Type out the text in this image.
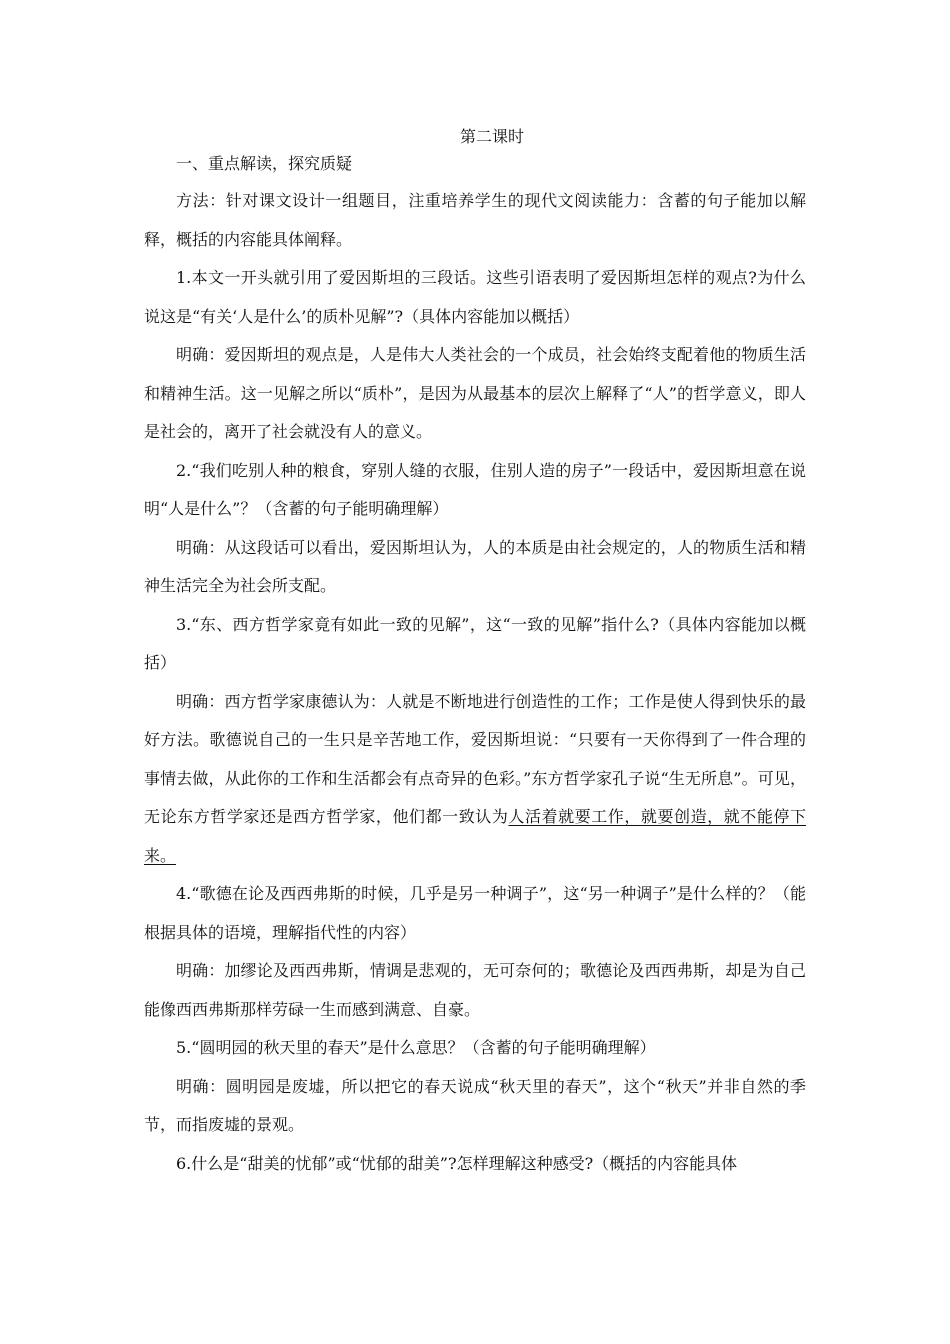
第二课时

一、重点解读，探究质疑

方法：针对课文设计一组题目，注重培养学生的现代文阅读能力：含蓄的句子能加以解释，概括的内容能具体阐释。

1.本文一开头就引用了爱因斯坦的三段话。这些引语表明了爱因斯坦怎样的观点?为什么说这是“有关‘人是什么’的质朴见解”?（具体内容能加以概括）

明确：爱因斯坦的观点是，人是伟大人类社会的一个成员，社会始终支配着他的物质生活和精神生活。这一见解之所以“质朴”，是因为从最基本的层次上解释了“人”的哲学意义，即人是社会的，离开了社会就没有人的意义。

2.“我们吃别人种的粮食，穿别人缝的衣服，住别人造的房子”一段话中，爱因斯坦意在说明“人是什么”？（含蓄的句子能明确理解）

明确：从这段话可以看出，爱因斯坦认为，人的本质是由社会规定的，人的物质生活和精神生活完全为社会所支配。

3.“东、西方哲学家竟有如此一致的见解”，这“一致的见解”指什么?（具体内容能加以概括）

明确：西方哲学家康德认为：人就是不断地进行创造性的工作；工作是使人得到快乐的最好方法。歌德说自己的一生只是辛苦地工作，爱因斯坦说：“只要有一天你得到了一件合理的事情去做，从此你的工作和生活都会有点奇异的色彩。”东方哲学家孔子说“生无所息”。可见，无论东方哲学家还是西方哲学家，他们都一致认为人活着就要工作，就要创造，就不能停下来。

4.“歌德在论及西西弗斯的时候，几乎是另一种调子”，这“另一种调子”是什么样的？（能根据具体的语境，理解指代性的内容）

明确：加缪论及西西弗斯，情调是悲观的，无可奈何的；歌德论及西西弗斯，却是为自己能像西西弗斯那样劳碌一生而感到满意、自豪。

5.“圆明园的秋天里的春天”是什么意思？（含蓄的句子能明确理解）

明确：圆明园是废墟，所以把它的春天说成“秋天里的春天”，这个“秋天”并非自然的季节，而指废墟的景观。

6.什么是“甜美的忧郁”或“忧郁的甜美”?怎样理解这种感受?（概括的内容能具体
